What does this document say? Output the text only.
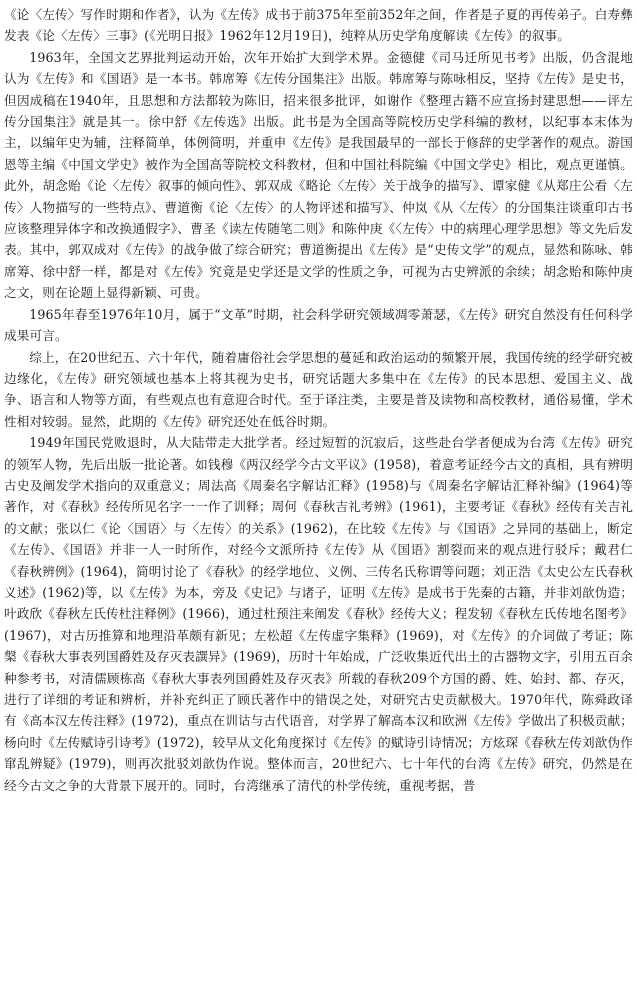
《论〈左传〉写作时期和作者》，认为《左传》成书于前375年至前352年之间，作者是子夏的再传弟子。白寿彝发表《论〈左传〉三事》(《光明日报》1962年12月19日)，纯粹从历史学角度解读《左传》的叙事。

1963年，全国文艺界批判运动开始，次年开始扩大到学术界。金德健《司马迁所见书考》出版，仍含混地认为《左传》和《国语》是一本书。韩席筹《左传分国集注》出版。韩席筹与陈咏相反，坚持《左传》是史书，但因成稿在1940年，且思想和方法都较为陈旧，招来很多批评，如谢作《整理古籍不应宣扬封建思想——评左传分国集注》就是其一。徐中舒《左传选》出版。此书是为全国高等院校历史学科编的教材，以纪事本末体为主，以编年史为辅，注释简单，体例简明，并重申《左传》是我国最早的一部长于修辞的史学著作的观点。游国恩等主编《中国文学史》被作为全国高等院校文科教材，但和中国社科院编《中国文学史》相比，观点更谨慎。此外，胡念贻《论〈左传〉叙事的倾向性》、郭双成《略论〈左传〉关于战争的描写》、谭家健《从郑庄公看〈左传〉人物描写的一些特点》、曹道衡《论〈左传〉的人物评述和描写》、仲岚《从〈左传〉的分国集注谈重印古书应该整理异体字和改换通假字》、曹圣《读左传随笔二则》和陈仲庚《〈左传〉中的病理心理学思想》等文先后发表。其中，郭双成对《左传》的战争做了综合研究；曹道衡提出《左传》是“史传文学”的观点，显然和陈咏、韩席筹、徐中舒一样，都是对《左传》究竟是史学还是文学的性质之争，可视为古史辨派的余续；胡念贻和陈仲庚之文，则在论题上显得新颖、可贵。

1965年春至1976年10月，属于“文革”时期，社会科学研究领域凋零萧瑟，《左传》研究自然没有任何科学成果可言。

综上，在20世纪五、六十年代，随着庸俗社会学思想的蔓延和政治运动的频繁开展，我国传统的经学研究被边缘化，《左传》研究领域也基本上将其视为史书，研究话题大多集中在《左传》的民本思想、爱国主义、战争、语言和人物等方面，有些观点也有意迎合时代。至于译注类，主要是普及读物和高校教材，通俗易懂，学术性相对较弱。显然，此期的《左传》研究还处在低谷时期。

1949年国民党败退时，从大陆带走大批学者。经过短暂的沉寂后，这些赴台学者便成为台湾《左传》研究的领军人物，先后出版一批论著。如钱穆《两汉经学今古文平议》(1958)，着意考证经今古文的真相，具有辨明古史及阐发学术指向的双重意义；周法高《周秦名字解诂汇释》(1958)与《周秦名字解诂汇释补编》(1964)等著作，对《春秋》经传所见名字一一作了训释；周何《春秋吉礼考辨》(1961)，主要考证《春秋》经传有关吉礼的文献；张以仁《论〈国语〉与〈左传〉的关系》(1962)，在比较《左传》与《国语》之异同的基础上，断定《左传》、《国语》并非一人一时所作，对经今文派所持《左传》从《国语》割裂而来的观点进行驳斥；戴君仁《春秋辨例》(1964)，简明讨论了《春秋》的经学地位、义例、三传名氏称谓等问题；刘正浩《太史公左氏春秋义述》(1962)等，以《左传》为本，旁及《史记》与诸子，证明《左传》是成书于先秦的古籍，并非刘歆伪造；叶政欣《春秋左氏传杜注释例》(1966)，通过杜预注来阐发《春秋》经传大义；程发轫《春秋左氏传地名图考》(1967)，对古历推算和地理沿革颇有新见；左松超《左传虚字集释》(1969)，对《左传》的介词做了考证；陈槃《春秋大事表列国爵姓及存灭表譔异》(1969)，历时十年始成，广泛收集近代出土的古器物文字，引用五百余种参考书，对清儒顾栋高《春秋大事表列国爵姓及存灭表》所载的春秋209个方国的爵、姓、始封、都、存灭，进行了详细的考证和辨析，并补充纠正了顾氏著作中的错误之处，对研究古史贡献极大。1970年代，陈舜政译有《高本汉左传注释》(1972)，重点在训诂与古代语音，对学界了解高本汉和欧洲《左传》学做出了积极贡献；杨向时《左传赋诗引诗考》(1972)，较早从文化角度探讨《左传》的赋诗引诗情况；方炫琛《春秋左传刘歆伪作窜乱辨疑》(1979)，则再次批驳刘歆伪作说。整体而言，20世纪六、七十年代的台湾《左传》研究，仍然是在经今古文之争的大背景下展开的。同时，台湾继承了清代的朴学传统，重视考据，普
